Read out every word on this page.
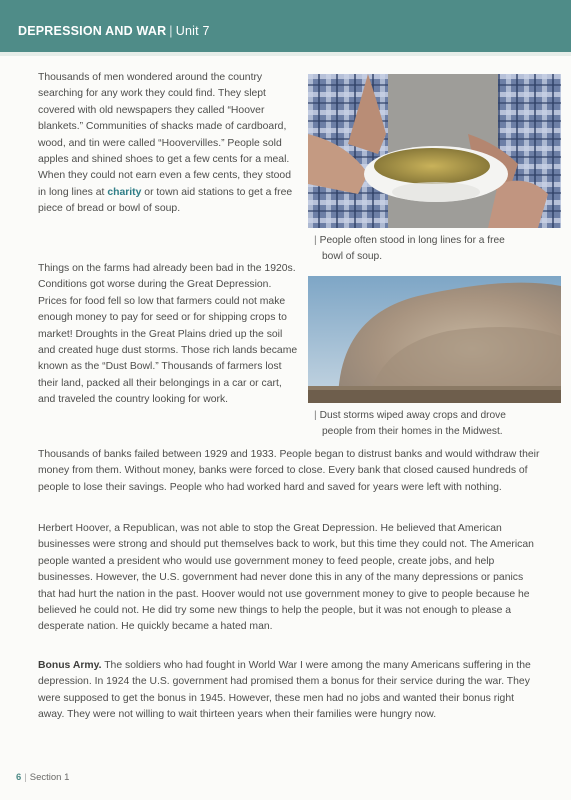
DEPRESSION AND WAR | Unit 7

Thousands of men wondered around the country searching for any work they could find. They slept covered with old newspapers they called “Hoover blankets.” Communities of shacks made of cardboard, wood, and tin were called “Hoovervilles.” People sold apples and shined shoes to get a few cents for a meal. When they could not earn even a few cents, they stood in long lines at charity or town aid stations to get a free piece of bread or bowl of soup.

Things on the farms had already been bad in the 1920s. Conditions got worse during the Great Depression. Prices for food fell so low that farmers could not make enough money to pay for seed or for shipping crops to market! Droughts in the Great Plains dried up the soil and created huge dust storms. Those rich lands became known as the “Dust Bowl.” Thousands of farmers lost their land, packed all their belongings in a car or cart, and traveled the country looking for work.

| People often stood in long lines for a free
bowl of soup.
| Dust storms wiped away crops and drove
people from their homes in the Midwest.

Thousands of banks failed between 1929 and 1933. People began to distrust banks and would withdraw their money from them. Without money, banks were forced to close. Every bank that closed caused hundreds of people to lose their savings. People who had worked hard and saved for years were left with nothing.

Herbert Hoover, a Republican, was not able to stop the Great Depression. He believed that American businesses were strong and should put themselves back to work, but this time they could not. The American people wanted a president who would use government money to feed people, create jobs, and help businesses. However, the U.S. government had never done this in any of the many depressions or panics that had hurt the nation in the past. Hoover would not use government money to give to people because he believed he could not. He did try some new things to help the people, but it was not enough to please a desperate nation. He quickly became a hated man.

Bonus Army. The soldiers who had fought in World War I were among the many Americans suffering in the depression. In 1924 the U.S. government had promised them a bonus for their service during the war. They were supposed to get the bonus in 1945. However, these men had no jobs and wanted their bonus right away. They were not willing to wait thirteen years when their families were hungry now.

6 | Section 1
